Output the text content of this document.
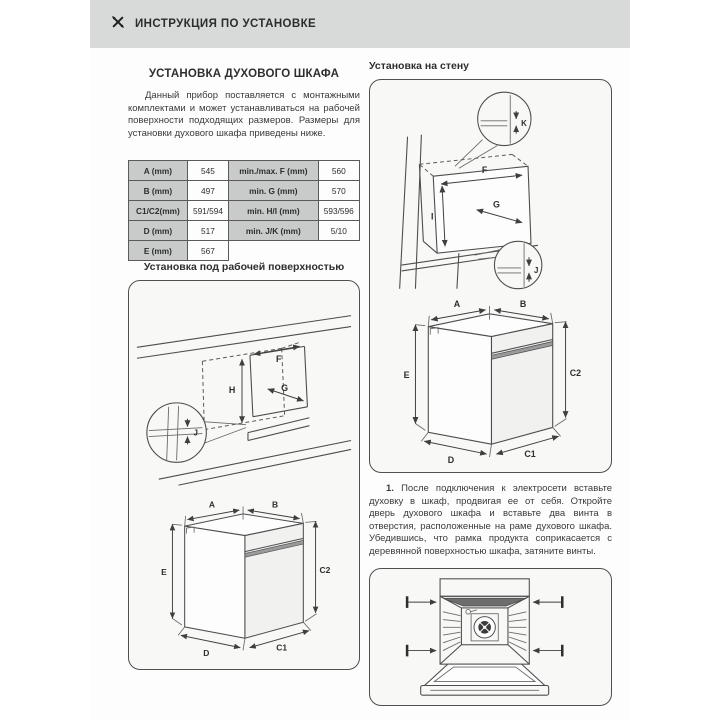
ИНСТРУКЦИЯ ПО УСТАНОВКЕ
УСТАНОВКА ДУХОВОГО ШКАФА

Данный прибор поставляется с монтажными комплектами и может устанавливаться на рабочей поверхности подходящих размеров. Размеры для установки духового шкафа приведены ниже.

A (mm)	545	min./max. F (mm)	560
B (mm)	497	min. G (mm)	570
C1/C2(mm)	591/594	min. H/I (mm)	593/596
D (mm)	517	min. J/K (mm)	5/10
E (mm)	567		
Установка под рабочей поверхностью
J
F
H	G
A	B
E	C2
D
C1
Установка на стену
K
F
I
G
J
A	B
E	C2
D
C1

1. После подключения к электросети вставьте духовку в шкаф, продвигая ее от себя. Откройте дверь духового шкафа и вставьте два винта в отверстия, расположенные на раме духового шкафа. Убедившись, что рамка продукта соприкасается с деревянной поверхностью шкафа, затяните винты.
